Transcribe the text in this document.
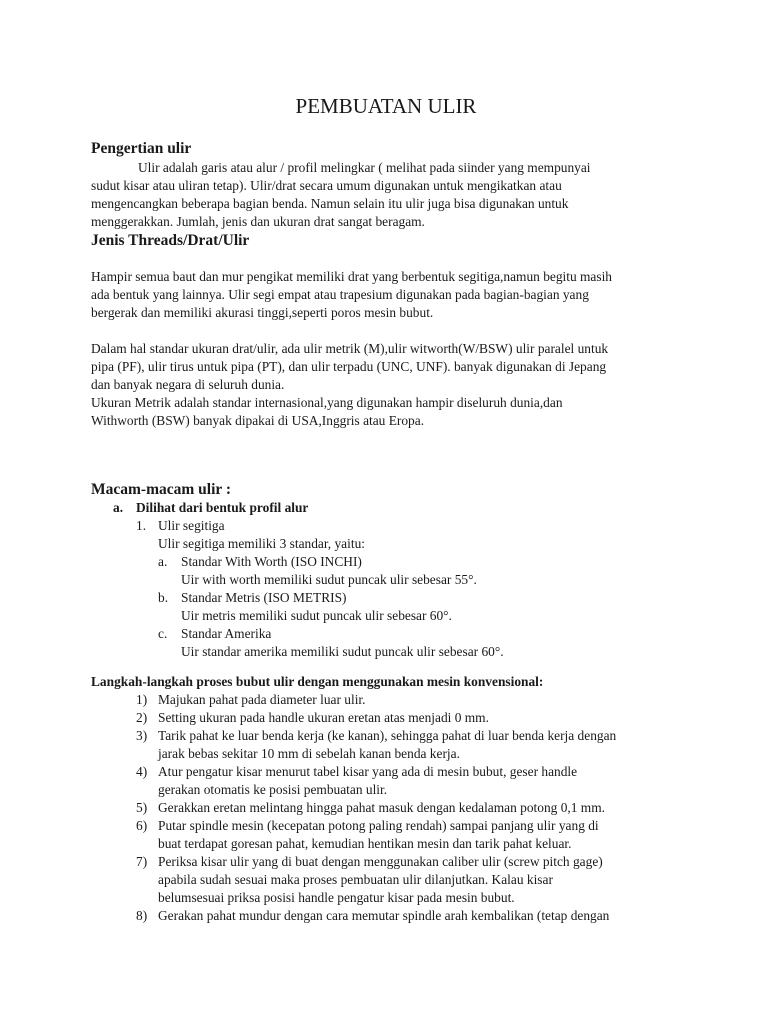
PEMBUATAN ULIR
Pengertian ulir
Ulir adalah garis atau alur / profil melingkar ( melihat pada siinder yang mempunyai
sudut kisar atau uliran tetap). Ulir/drat secara umum digunakan untuk mengikatkan atau
mengencangkan beberapa bagian benda. Namun selain itu ulir juga bisa digunakan untuk
menggerakkan. Jumlah, jenis dan ukuran drat sangat beragam.
Jenis Threads/Drat/Ulir
Hampir semua baut dan mur pengikat memiliki drat yang berbentuk segitiga,namun begitu masih
ada bentuk yang lainnya. Ulir segi empat atau trapesium digunakan pada bagian-bagian yang
bergerak dan memiliki akurasi tinggi,seperti poros mesin bubut.
Dalam hal standar ukuran drat/ulir, ada ulir metrik (M),ulir witworth(W/BSW) ulir paralel untuk
pipa (PF), ulir tirus untuk pipa (PT), dan ulir terpadu (UNC, UNF). banyak digunakan di Jepang
dan banyak negara di seluruh dunia.
Ukuran Metrik adalah standar internasional,yang digunakan hampir diseluruh dunia,dan
Withworth (BSW) banyak dipakai di USA,Inggris atau Eropa.
Macam-macam ulir :
a. Dilihat dari bentuk profil alur
1. Ulir segitiga
Ulir segitiga memiliki 3 standar, yaitu:
a. Standar With Worth (ISO INCHI)
Uir with worth memiliki sudut puncak ulir sebesar 55°.
b. Standar Metris (ISO METRIS)
Uir metris memiliki sudut puncak ulir sebesar 60°.
c. Standar Amerika
Uir standar amerika memiliki sudut puncak ulir sebesar 60°.
Langkah-langkah proses bubut ulir dengan menggunakan mesin konvensional:
1) Majukan pahat pada diameter luar ulir.
2) Setting ukuran pada handle ukuran eretan atas menjadi 0 mm.
3) Tarik pahat ke luar benda kerja (ke kanan), sehingga pahat di luar benda kerja dengan
jarak bebas sekitar 10 mm di sebelah kanan benda kerja.
4) Atur pengatur kisar menurut tabel kisar yang ada di mesin bubut, geser handle
gerakan otomatis ke posisi pembuatan ulir.
5) Gerakkan eretan melintang hingga pahat masuk dengan kedalaman potong 0,1 mm.
6) Putar spindle mesin (kecepatan potong paling rendah) sampai panjang ulir yang di
buat terdapat goresan pahat, kemudian hentikan mesin dan tarik pahat keluar.
7) Periksa kisar ulir yang di buat dengan menggunakan caliber ulir (screw pitch gage)
apabila sudah sesuai maka proses pembuatan ulir dilanjutkan. Kalau kisar
belumsesuai priksa posisi handle pengatur kisar pada mesin bubut.
8) Gerakan pahat mundur dengan cara memutar spindle arah kembalikan (tetap dengan
